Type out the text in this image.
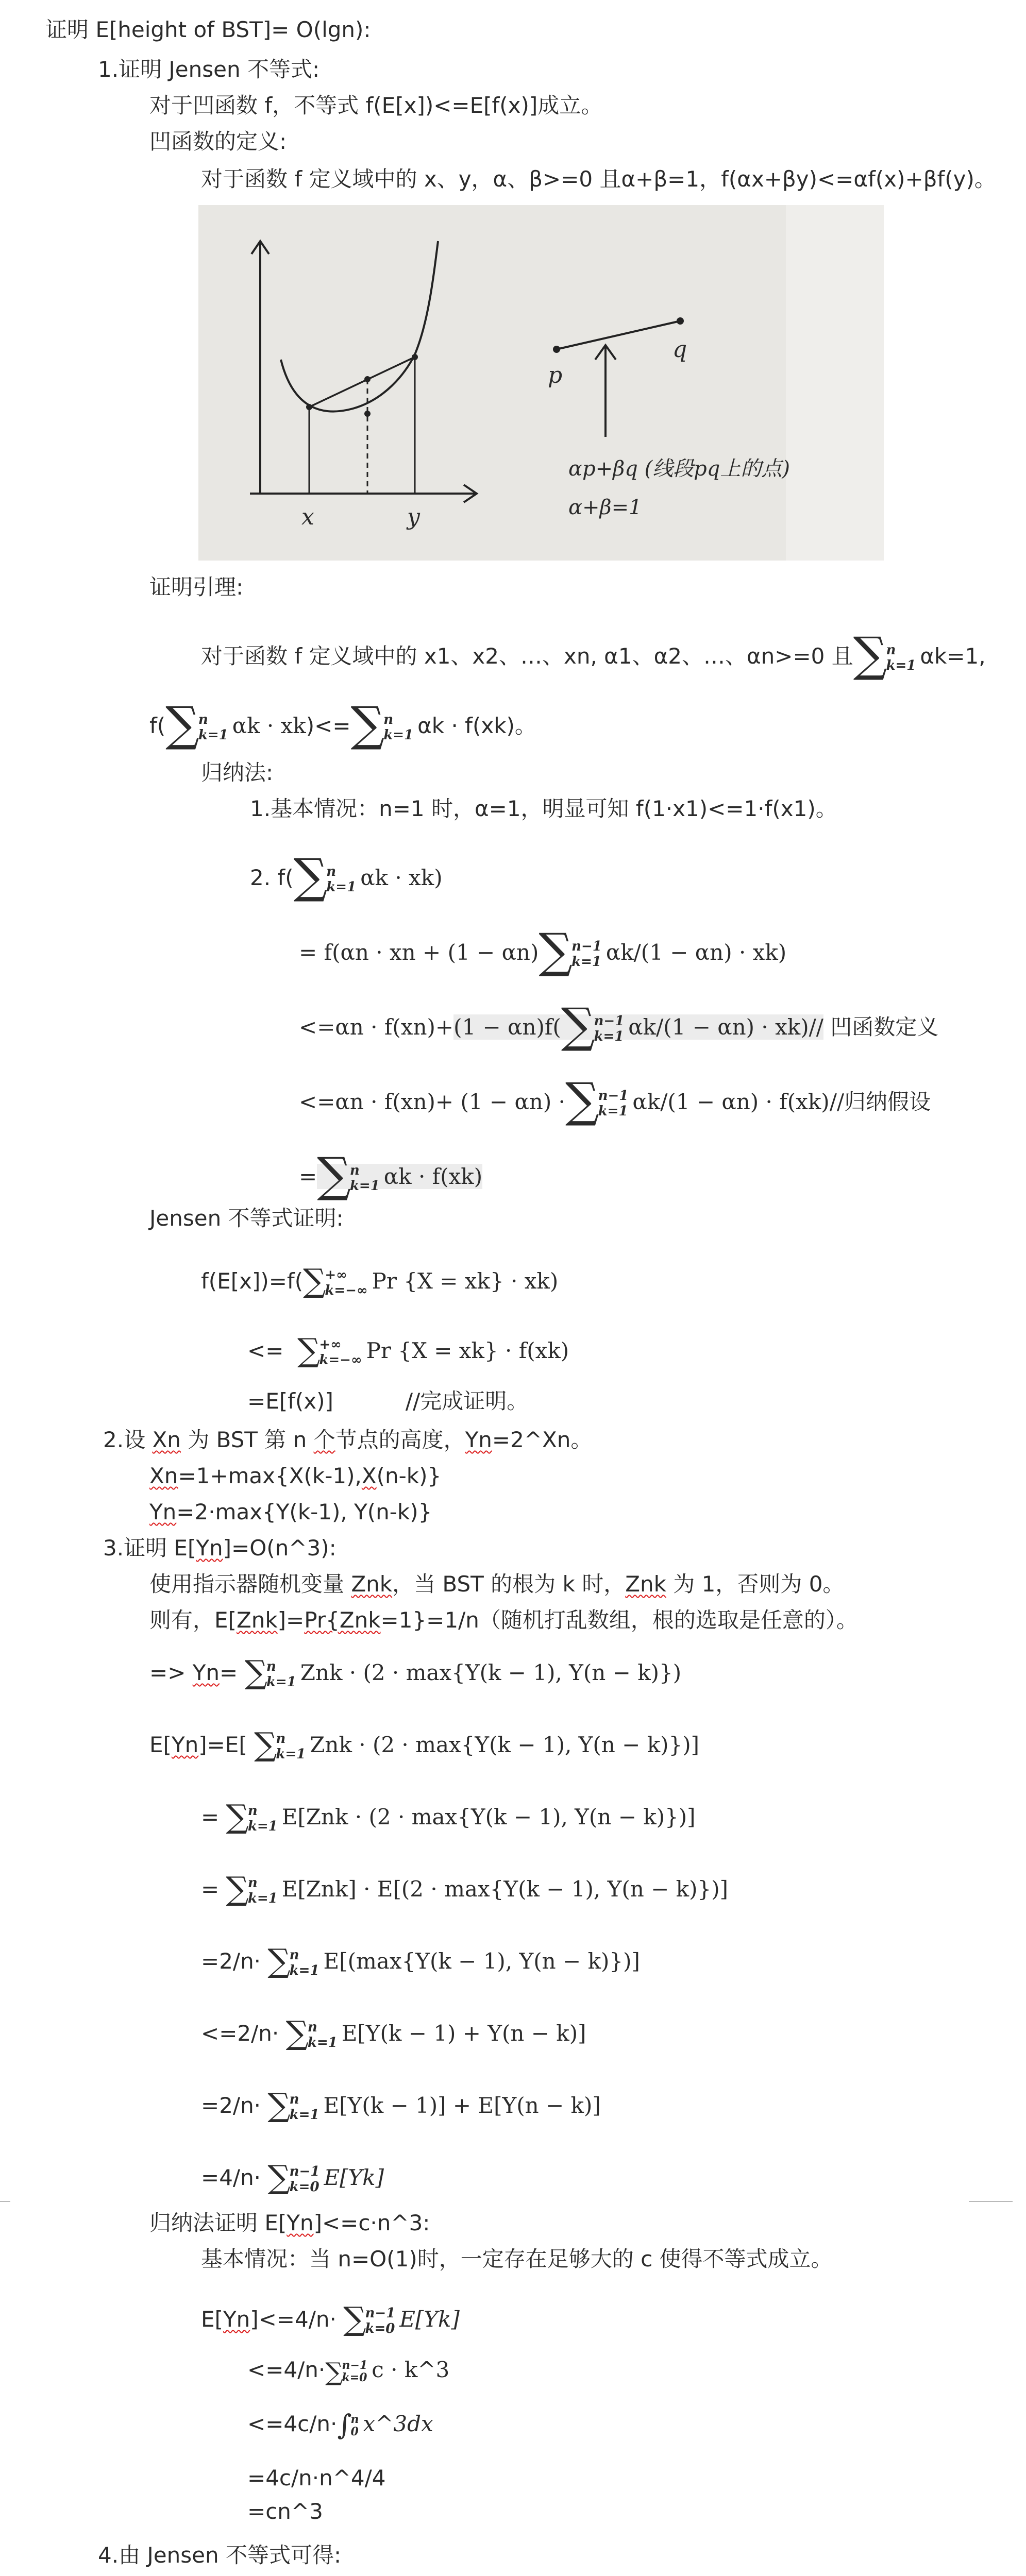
证明 E[height of BST]= O(lgn):
1.证明 Jensen 不等式:
对于凹函数 f，不等式 f(E[x])<=E[f(x)]成立。
凹函数的定义:
对于函数 f 定义域中的 x、y，α、β>=0 且α+β=1，f(αx+βy)<=αf(x)+βf(y)。
x	y
p
q
αp+βq (线段pq上的点)
α+β=1
证明引理:
对于函数 f 定义域中的 x1、x2、…、xn, α1、α2、…、αn>=0 且∑
n
k=1 αk=1,
f(∑
n
k=1 αk · xk)<=∑
n
k=1 αk · f(xk)。
归纳法:
1.基本情况：n=1 时，α=1，明显可知 f(1·x1)<=1·f(x1)。
2. f(∑
n
k=1 αk · xk)
= f(αn · xn + (1 − αn)∑
n−1
k=1 αk/(1 − αn) · xk)
<=αn · f(xn)+(1 − αn)f(∑
n−1
k=1 αk/(1 − αn) · xk)// 凹函数定义
<=αn · f(xn)+ (1 − αn) ·∑
n−1
k=1 αk/(1 − αn) · f(xk)//归纳假设
=∑
n
k=1 αk · f(xk)
Jensen 不等式证明:
f(E[x])=f(∑
+∞
k=−∞ Pr {X = xk} · xk)
<= ∑
+∞
k=−∞ Pr {X = xk} · f(xk)
=E[f(x)]	//完成证明。
2.设 Xn 为 BST 第 n 个节点的高度，Yn=2^Xn。
Xn=1+max{X(k-1),X(n-k)}
Yn=2·max{Y(k-1), Y(n-k)}
3.证明 E[Yn]=O(n^3):
使用指示器随机变量 Znk，当 BST 的根为 k 时，Znk 为 1，否则为 0。
则有，E[Znk]=Pr{Znk=1}=1/n（随机打乱数组，根的选取是任意的）。
=> Yn= ∑
n
k=1 Znk · (2 · max{Y(k − 1), Y(n − k)})
E[Yn]=E[ ∑
n
k=1 Znk · (2 · max{Y(k − 1), Y(n − k)})]
= ∑
n
k=1 E[Znk · (2 · max{Y(k − 1), Y(n − k)})]
= ∑
n
k=1 E[Znk] · E[(2 · max{Y(k − 1), Y(n − k)})]
=2/n· ∑
n
k=1 E[(max{Y(k − 1), Y(n − k)})]
<=2/n· ∑
n
k=1 E[Y(k − 1) + Y(n − k)]
=2/n· ∑
n
k=1 E[Y(k − 1)] + E[Y(n − k)]
=4/n· ∑
n−1
k=0 E[Yk]
归纳法证明 E[Yn]<=c·n^3:
基本情况：当 n=O(1)时，一定存在足够大的 c 使得不等式成立。
E[Yn]<=4/n· ∑
n−1
k=0 E[Yk]
<=4/n·∑
n−1
k=0 c · k^3
<=4c/n·∫
n
0 x^3dx
=4c/n·n^4/4
=cn^3
4.由 Jensen 不等式可得:
